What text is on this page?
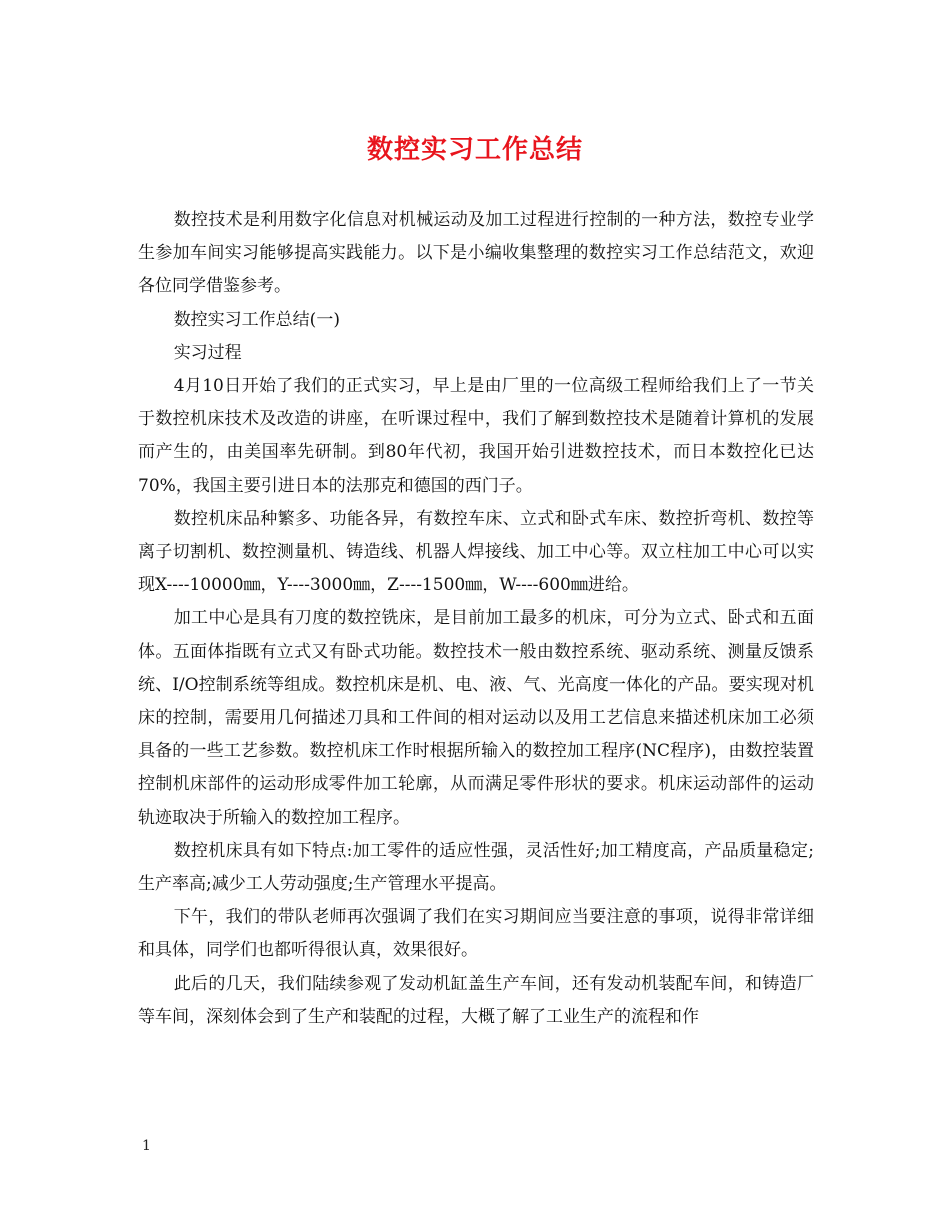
数控实习工作总结

数控技术是利用数字化信息对机械运动及加工过程进行控制的一种方法，数控专业学生参加车间实习能够提高实践能力。以下是小编收集整理的数控实习工作总结范文，欢迎各位同学借鉴参考。

数控实习工作总结(一)

实习过程

4月10日开始了我们的正式实习，早上是由厂里的一位高级工程师给我们上了一节关于数控机床技术及改造的讲座，在听课过程中，我们了解到数控技术是随着计算机的发展而产生的，由美国率先研制。到80年代初，我国开始引进数控技术，而日本数控化已达70%，我国主要引进日本的法那克和德国的西门子。

数控机床品种繁多、功能各异，有数控车床、立式和卧式车床、数控折弯机、数控等离子切割机、数控测量机、铸造线、机器人焊接线、加工中心等。双立柱加工中心可以实现X----10000㎜，Y----3000㎜，Z----1500㎜，W----600㎜进给。

加工中心是具有刀度的数控铣床，是目前加工最多的机床，可分为立式、卧式和五面体。五面体指既有立式又有卧式功能。数控技术一般由数控系统、驱动系统、测量反馈系统、I/O控制系统等组成。数控机床是机、电、液、气、光高度一体化的产品。要实现对机床的控制，需要用几何描述刀具和工件间的相对运动以及用工艺信息来描述机床加工必须具备的一些工艺参数。数控机床工作时根据所输入的数控加工程序(NC程序)，由数控装置控制机床部件的运动形成零件加工轮廓，从而满足零件形状的要求。机床运动部件的运动轨迹取决于所输入的数控加工程序。

数控机床具有如下特点:加工零件的适应性强，灵活性好;加工精度高，产品质量稳定;生产率高;减少工人劳动强度;生产管理水平提高。

下午，我们的带队老师再次强调了我们在实习期间应当要注意的事项，说得非常详细和具体，同学们也都听得很认真，效果很好。

此后的几天，我们陆续参观了发动机缸盖生产车间，还有发动机装配车间，和铸造厂等车间，深刻体会到了生产和装配的过程，大概了解了工业生产的流程和作

1
